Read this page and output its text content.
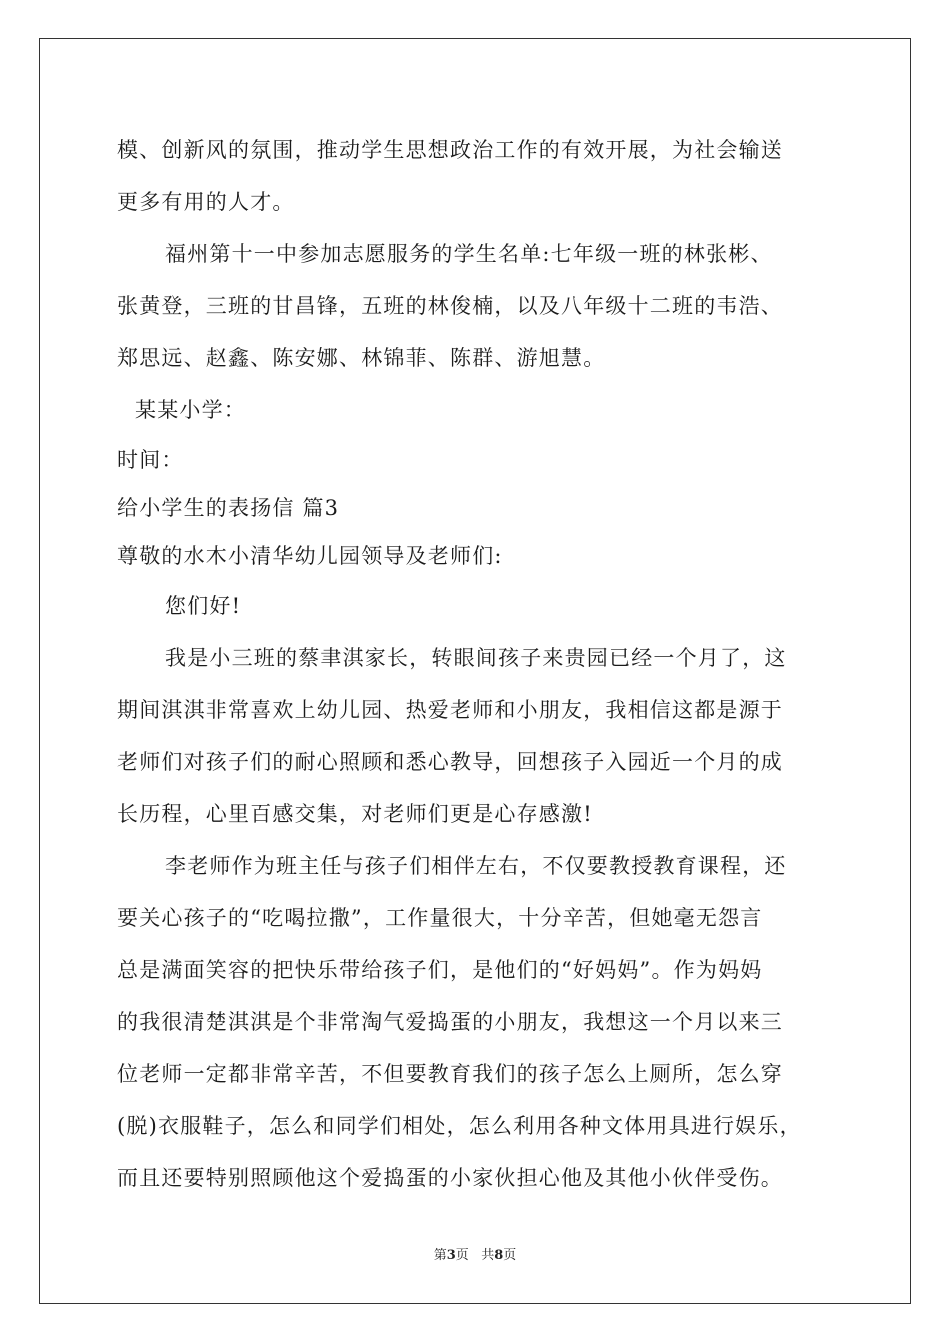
模、创新风的氛围，推动学生思想政治工作的有效开展，为社会输送
更多有用的人才。
福州第十一中参加志愿服务的学生名单:七年级一班的林张彬、
张黄登，三班的甘昌锋，五班的林俊楠，以及八年级十二班的韦浩、
郑思远、赵鑫、陈安娜、林锦菲、陈群、游旭慧。
某某小学：
时间：
给小学生的表扬信 篇3
尊敬的水木小清华幼儿园领导及老师们:
您们好!
我是小三班的蔡聿淇家长，转眼间孩子来贵园已经一个月了，这
期间淇淇非常喜欢上幼儿园、热爱老师和小朋友，我相信这都是源于
老师们对孩子们的耐心照顾和悉心教导，回想孩子入园近一个月的成
长历程，心里百感交集，对老师们更是心存感激!
李老师作为班主任与孩子们相伴左右，不仅要教授教育课程，还
要关心孩子的“吃喝拉撒”，工作量很大，十分辛苦，但她毫无怨言
总是满面笑容的把快乐带给孩子们，是他们的“好妈妈”。作为妈妈
的我很清楚淇淇是个非常淘气爱捣蛋的小朋友，我想这一个月以来三
位老师一定都非常辛苦，不但要教育我们的孩子怎么上厕所，怎么穿
(脱)衣服鞋子，怎么和同学们相处，怎么利用各种文体用具进行娱乐，
而且还要特别照顾他这个爱捣蛋的小家伙担心他及其他小伙伴受伤。
第3页 共8页
